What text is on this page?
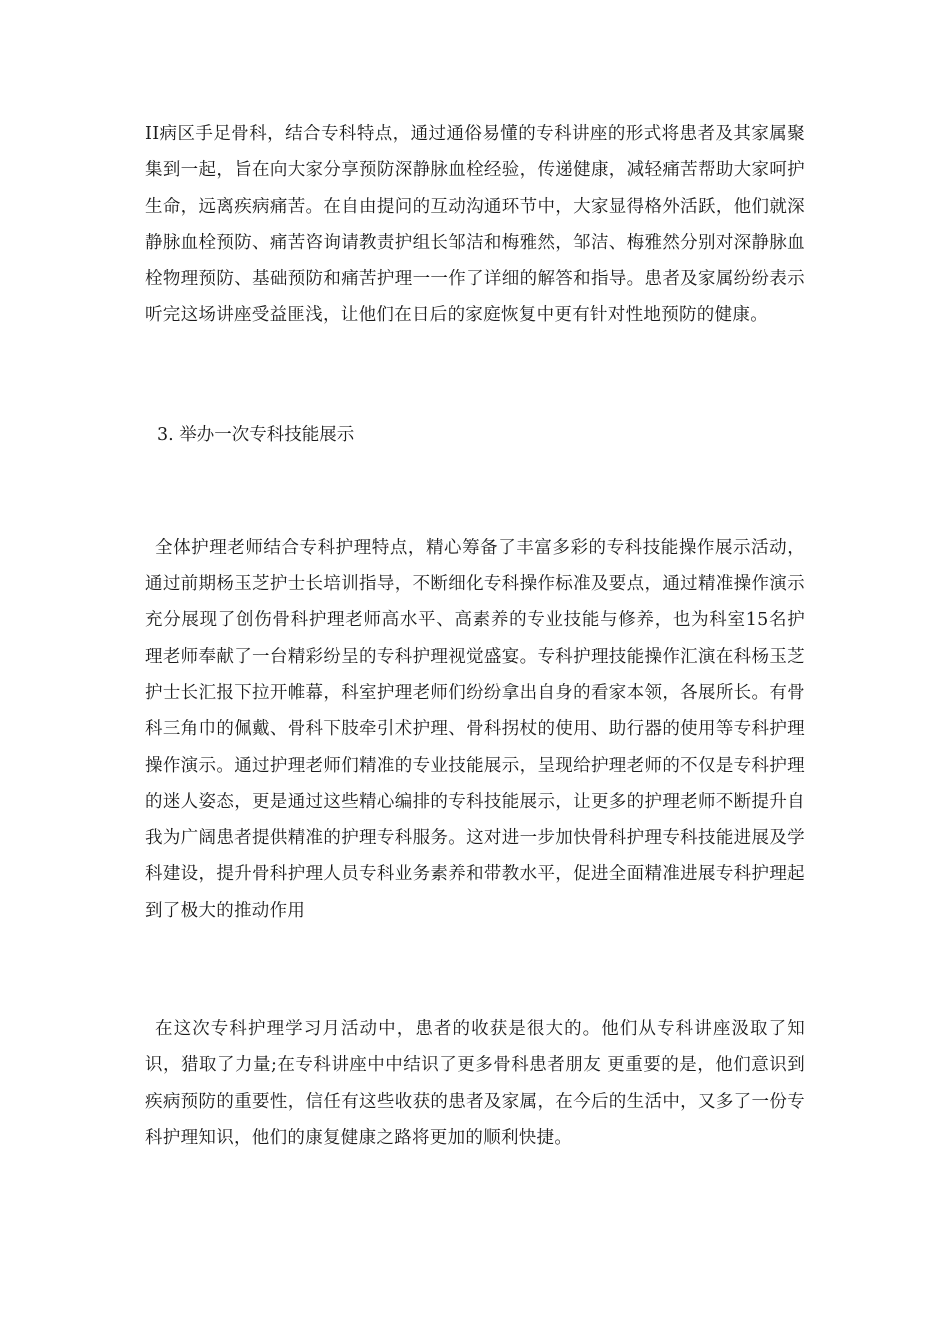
II病区手足骨科，结合专科特点，通过通俗易懂的专科讲座的形式将患者及其家属聚集到一起，旨在向大家分享预防深静脉血栓经验，传递健康，减轻痛苦帮助大家呵护生命，远离疾病痛苦。在自由提问的互动沟通环节中，大家显得格外活跃，他们就深静脉血栓预防、痛苦咨询请教责护组长邹洁和梅雅然，邹洁、梅雅然分别对深静脉血栓物理预防、基础预防和痛苦护理一一作了详细的解答和指导。患者及家属纷纷表示听完这场讲座受益匪浅，让他们在日后的家庭恢复中更有针对性地预防的健康。

3. 举办一次专科技能展示

全体护理老师结合专科护理特点，精心筹备了丰富多彩的专科技能操作展示活动，通过前期杨玉芝护士长培训指导，不断细化专科操作标准及要点，通过精准操作演示充分展现了创伤骨科护理老师高水平、高素养的专业技能与修养，也为科室15名护理老师奉献了一台精彩纷呈的专科护理视觉盛宴。专科护理技能操作汇演在科杨玉芝护士长汇报下拉开帷幕，科室护理老师们纷纷拿出自身的看家本领，各展所长。有骨科三角巾的佩戴、骨科下肢牵引术护理、骨科拐杖的使用、助行器的使用等专科护理操作演示。通过护理老师们精准的专业技能展示，呈现给护理老师的不仅是专科护理的迷人姿态，更是通过这些精心编排的专科技能展示，让更多的护理老师不断提升自我为广阔患者提供精准的护理专科服务。这对进一步加快骨科护理专科技能进展及学科建设，提升骨科护理人员专科业务素养和带教水平，促进全面精准进展专科护理起到了极大的推动作用

在这次专科护理学习月活动中，患者的收获是很大的。他们从专科讲座汲取了知识，猎取了力量;在专科讲座中中结识了更多骨科患者朋友 更重要的是，他们意识到疾病预防的重要性，信任有这些收获的患者及家属，在今后的生活中，又多了一份专科护理知识，他们的康复健康之路将更加的顺利快捷。
